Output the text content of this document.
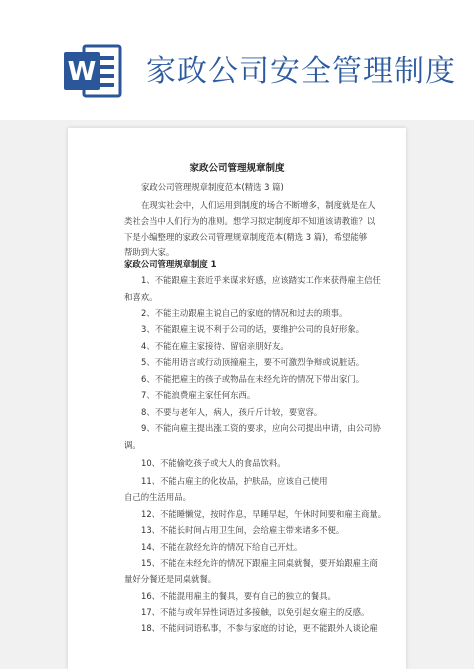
W 家政公司安全管理制度
家政公司管理规章制度
家政公司管理规章制度范本(精选 3 篇)
在现实社会中，人们运用到制度的场合不断增多，制度就是在人
类社会当中人们行为的准则。想学习拟定制度却不知道该请教谁？以
下是小编整理的家政公司管理规章制度范本(精选 3 篇)，希望能够
帮助到大家。
家政公司管理规章制度 1
1、不能跟雇主套近乎来谋求好感，应该踏实工作来获得雇主信任
和喜欢。
2、不能主动跟雇主说自己的家庭的情况和过去的琐事。
3、不能跟雇主说不利于公司的话，要维护公司的良好形象。
4、不能在雇主家接待、留宿亲朋好友。
5、不能用语言或行动顶撞雇主，要不可激烈争辩或说脏话。
6、不能把雇主的孩子或物品在未经允许的情况下带出家门。
7、不能浪费雇主家任何东西。
8、不要与老年人，病人，孩斤斤计较，要宽容。
9、不能向雇主提出涨工资的要求，应向公司提出申请，由公司协
调。
10、不能偷吃孩子或大人的食品饮料。
11、不能占雇主的化妆品，护肤品，应该自己使用
自己的生活用品。
12、不能睡懒觉，按时作息，早睡早起，午休时间要和雇主商量。
13、不能长时间占用卫生间，会给雇主带来诸多不便。
14、不能在款经允许的情况下给自己开灶。
15、不能在未经允许的情况下跟雇主同桌就餐，要开始跟雇主商
量好分餐还是同桌就餐。
16、不能混用雇主的餐具，要有自己的独立的餐具。
17、不能与或年异性词语过多接触，以免引起女雇主的反感。
18、不能问词语私事，不参与家庭的讨论，更不能跟外人谈论雇
